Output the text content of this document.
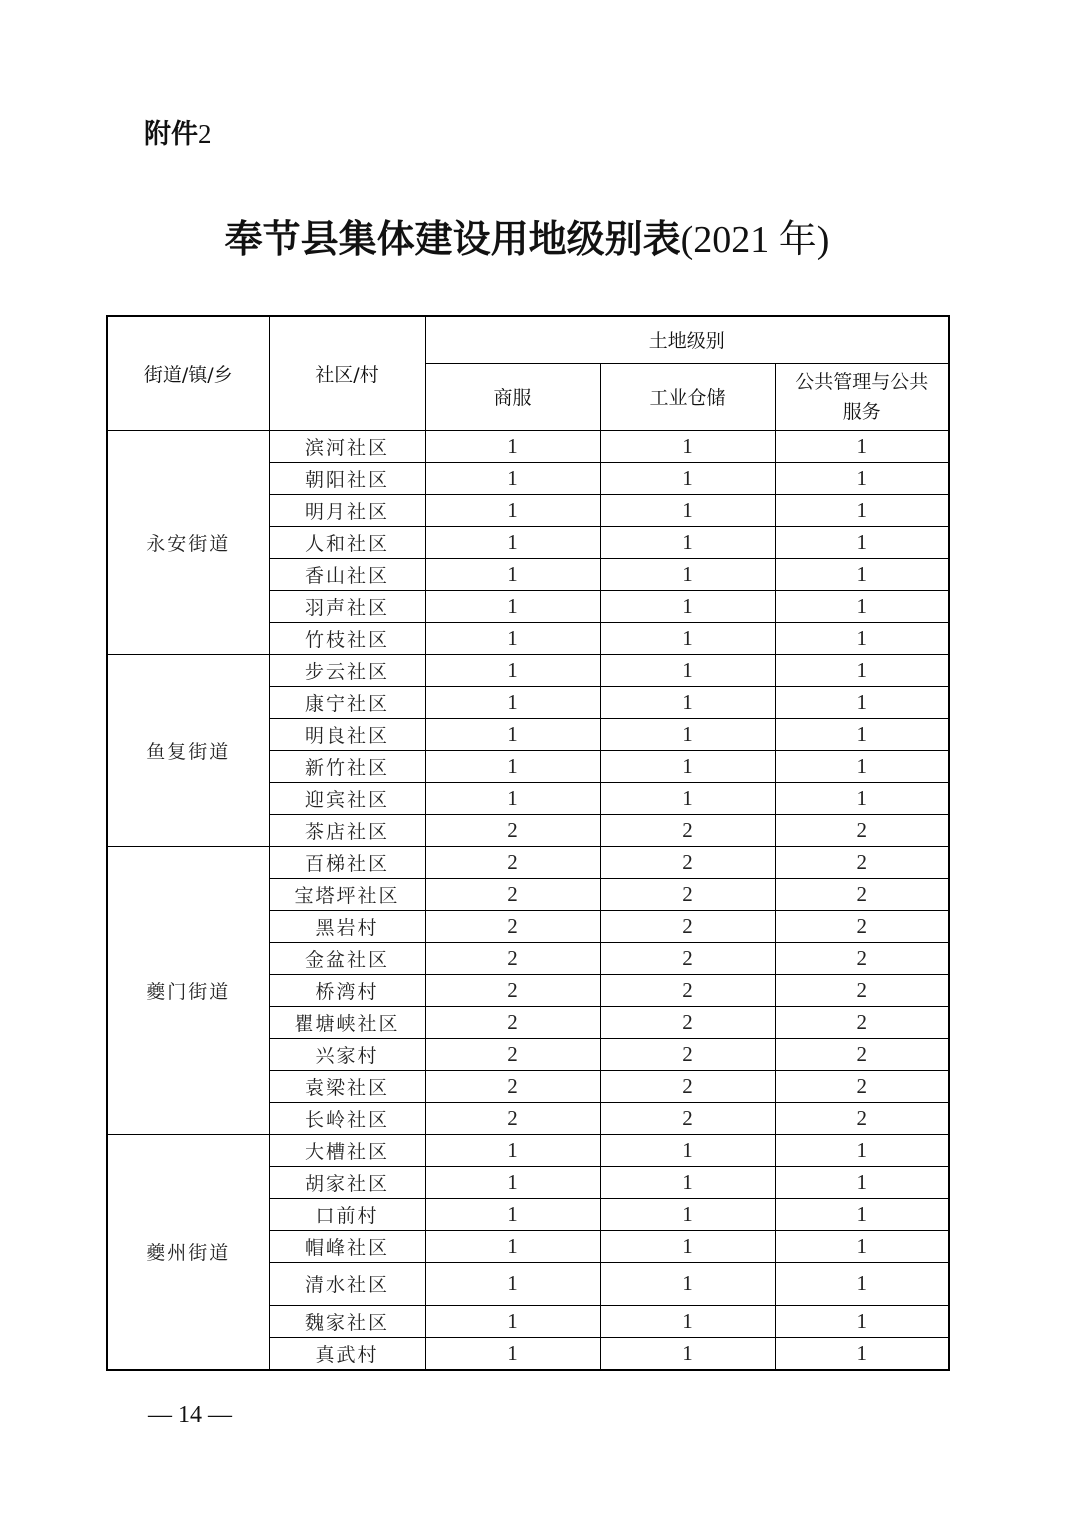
附件2
奉节县集体建设用地级别表(2021 年)
街道/镇/乡	社区/村	土地级别		
		商服	工业仓储	公共管理与公共服务
永安街道	滨河社区	1	1	1
	朝阳社区	1	1	1
	明月社区	1	1	1
	人和社区	1	1	1
	香山社区	1	1	1
	羽声社区	1	1	1
	竹枝社区	1	1	1
鱼复街道	步云社区	1	1	1
	康宁社区	1	1	1
	明良社区	1	1	1
	新竹社区	1	1	1
	迎宾社区	1	1	1
	茶店社区	2	2	2
夔门街道	百梯社区	2	2	2
	宝塔坪社区	2	2	2
	黑岩村	2	2	2
	金盆社区	2	2	2
	桥湾村	2	2	2
	瞿塘峡社区	2	2	2
	兴家村	2	2	2
	袁梁社区	2	2	2
	长岭社区	2	2	2
夔州街道	大槽社区	1	1	1
	胡家社区	1	1	1
	口前村	1	1	1
	帽峰社区	1	1	1
	清水社区	1	1	1
	魏家社区	1	1	1
	真武村	1	1	1
— 14 —
